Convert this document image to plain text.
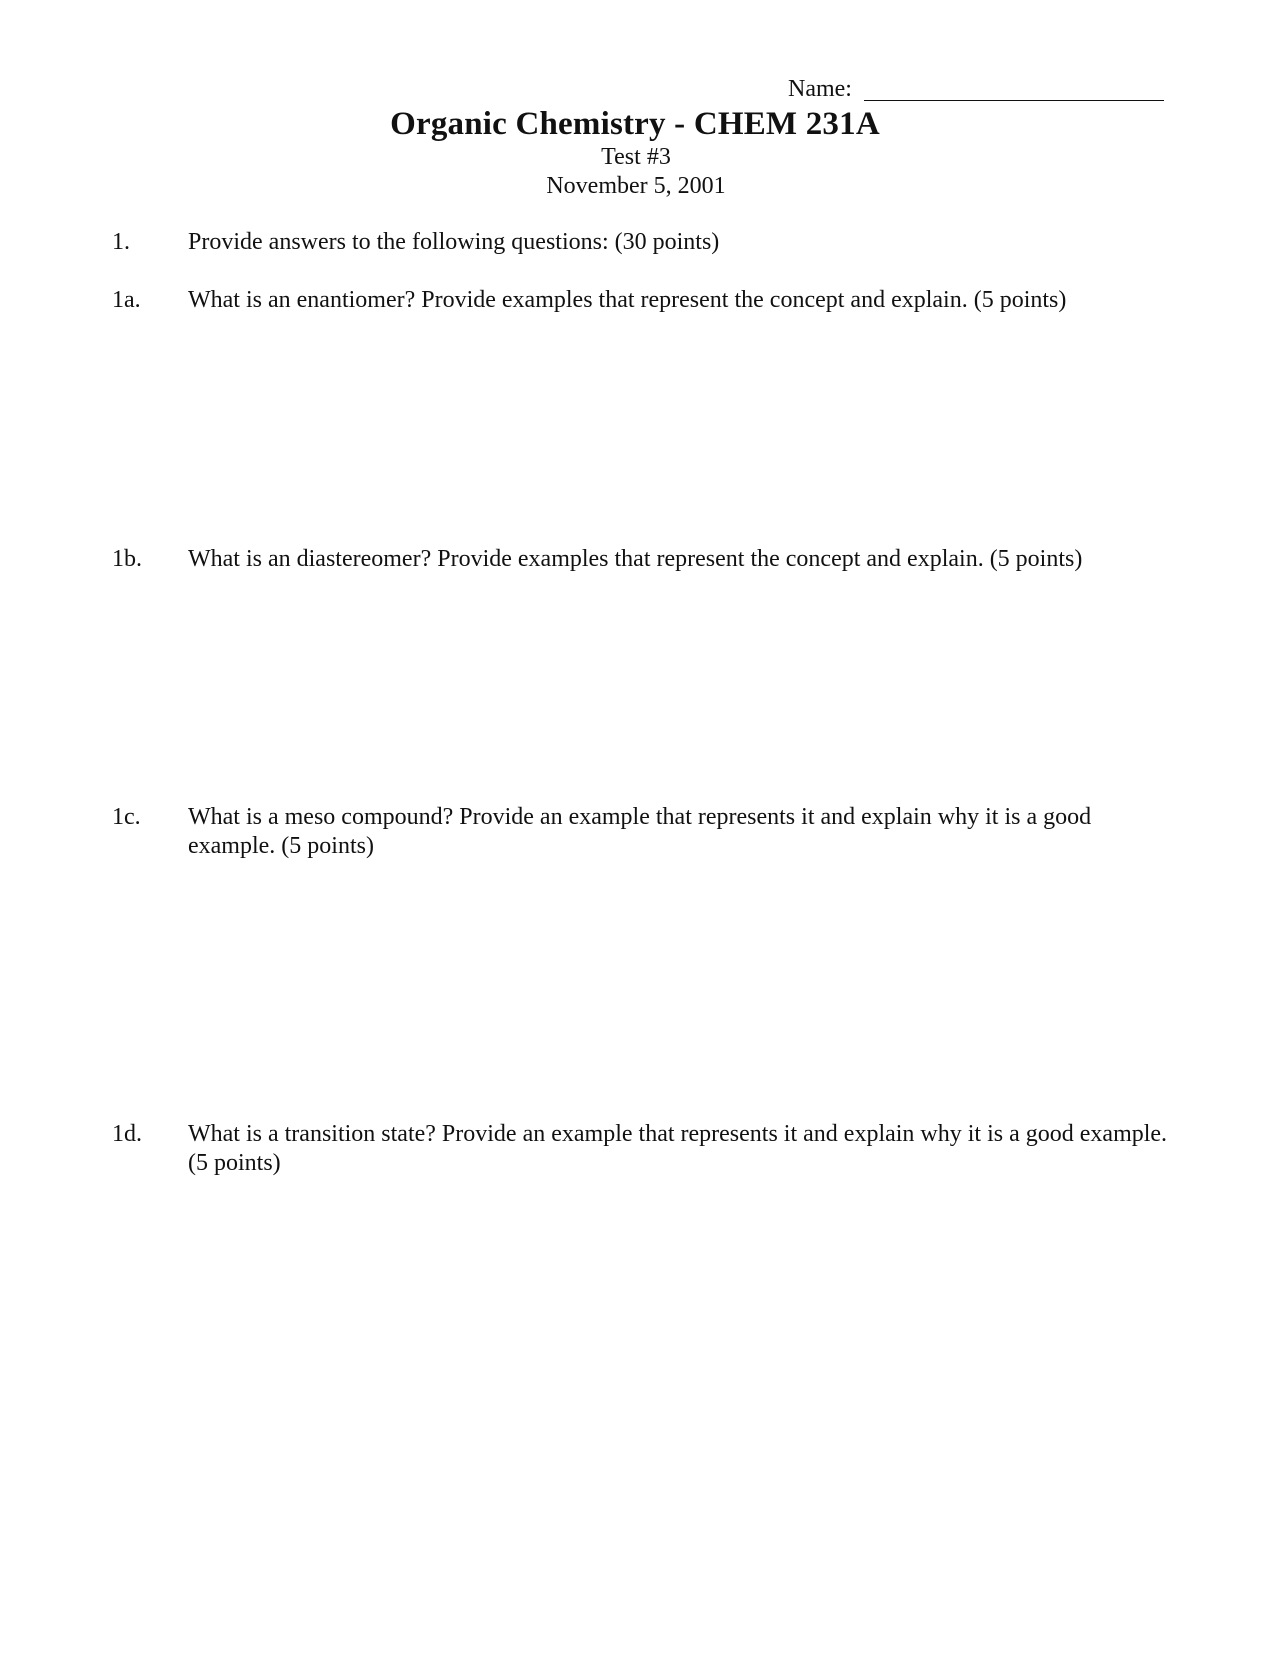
Name:
Organic Chemistry - CHEM 231A
Test #3
November 5, 2001
1. Provide answers to the following questions: (30 points)
1a. What is an enantiomer? Provide examples that represent the concept and explain. (5 points)
1b. What is an diastereomer? Provide examples that represent the concept and explain. (5 points)
1c. What is a meso compound? Provide an example that represents it and explain why it is a good example. (5 points)
1d. What is a transition state? Provide an example that represents it and explain why it is a good example. (5 points)
